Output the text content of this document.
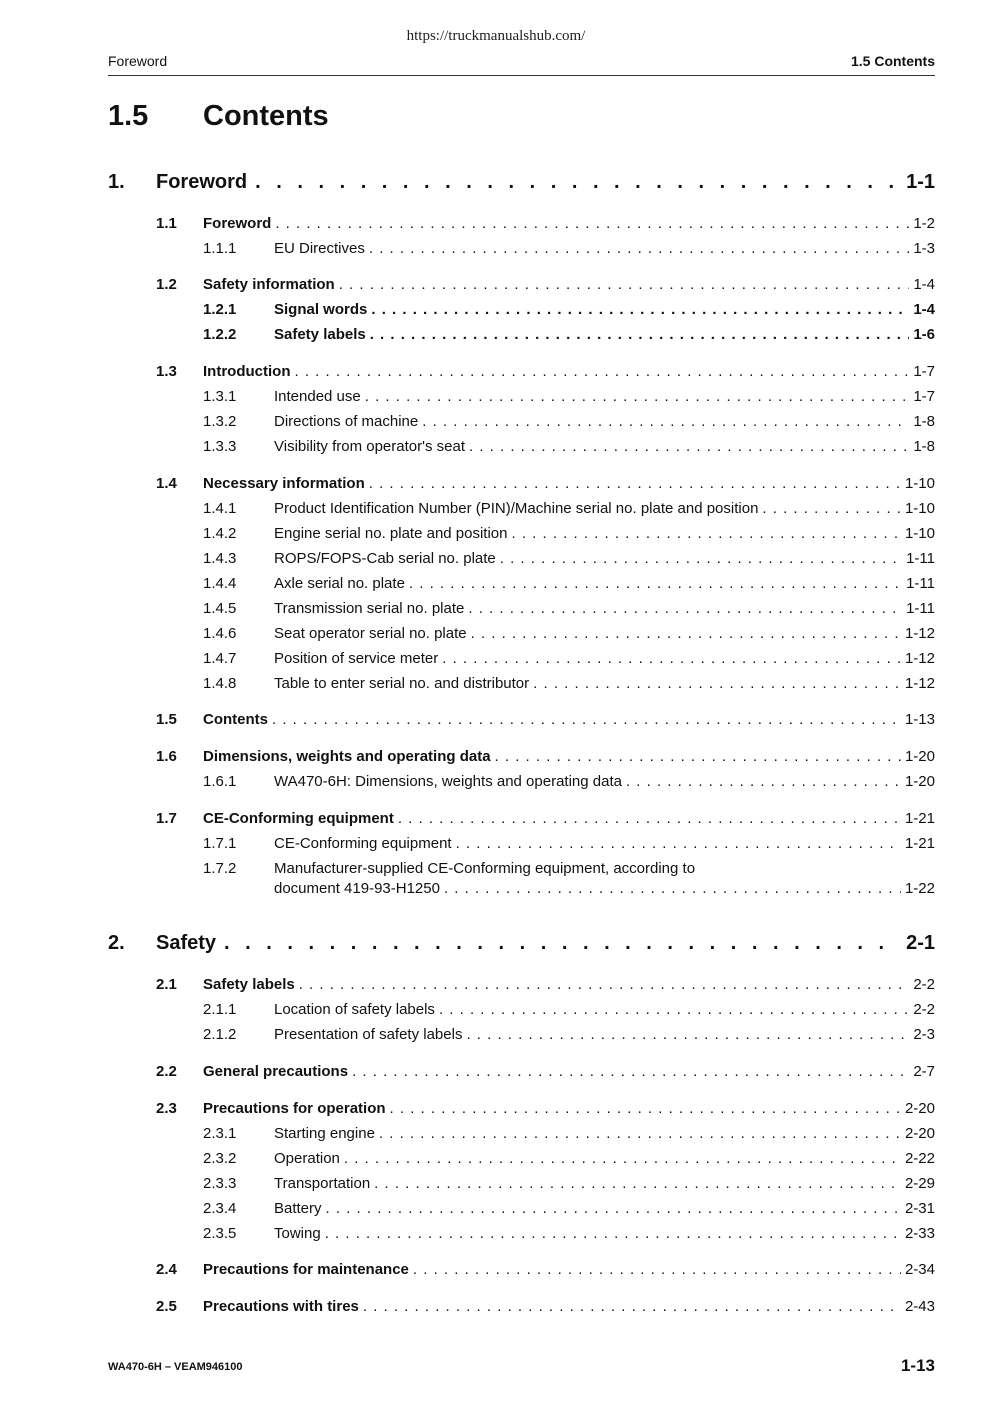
https://truckmanualshub.com/
Foreword	1.5 Contents
1.5 Contents
1.	Foreword . . .	1-1
1.1	Foreword . . .	1-2
1.1.1	EU Directives . . .	1-3
1.2	Safety information . . .	1-4
1.2.1	Signal words . . .	1-4
1.2.2	Safety labels . . .	1-6
1.3	Introduction . . .	1-7
1.3.1	Intended use . . .	1-7
1.3.2	Directions of machine . . .	1-8
1.3.3	Visibility from operator's seat . . .	1-8
1.4	Necessary information . . .	1-10
1.4.1	Product Identification Number (PIN)/Machine serial no. plate and position . . .	1-10
1.4.2	Engine serial no. plate and position . . .	1-10
1.4.3	ROPS/FOPS-Cab serial no. plate . . .	1-11
1.4.4	Axle serial no. plate . . .	1-11
1.4.5	Transmission serial no. plate . . .	1-11
1.4.6	Seat operator serial no. plate . . .	1-12
1.4.7	Position of service meter . . .	1-12
1.4.8	Table to enter serial no. and distributor . . .	1-12
1.5	Contents . . .	1-13
1.6	Dimensions, weights and operating data . . .	1-20
1.6.1	WA470-6H: Dimensions, weights and operating data . . .	1-20
1.7	CE-Conforming equipment . . .	1-21
1.7.1	CE-Conforming equipment . . .	1-21
1.7.2	Manufacturer-supplied CE-Conforming equipment, according to
document 419-93-H1250 . . .	1-22
2.	Safety . . .	2-1
2.1	Safety labels . . .	2-2
2.1.1	Location of safety labels . . .	2-2
2.1.2	Presentation of safety labels . . .	2-3
2.2	General precautions . . .	2-7
2.3	Precautions for operation . . .	2-20
2.3.1	Starting engine . . .	2-20
2.3.2	Operation . . .	2-22
2.3.3	Transportation . . .	2-29
2.3.4	Battery . . .	2-31
2.3.5	Towing . . .	2-33
2.4	Precautions for maintenance . . .	2-34
2.5	Precautions with tires . . .	2-43
WA470-6H – VEAM946100	1-13
